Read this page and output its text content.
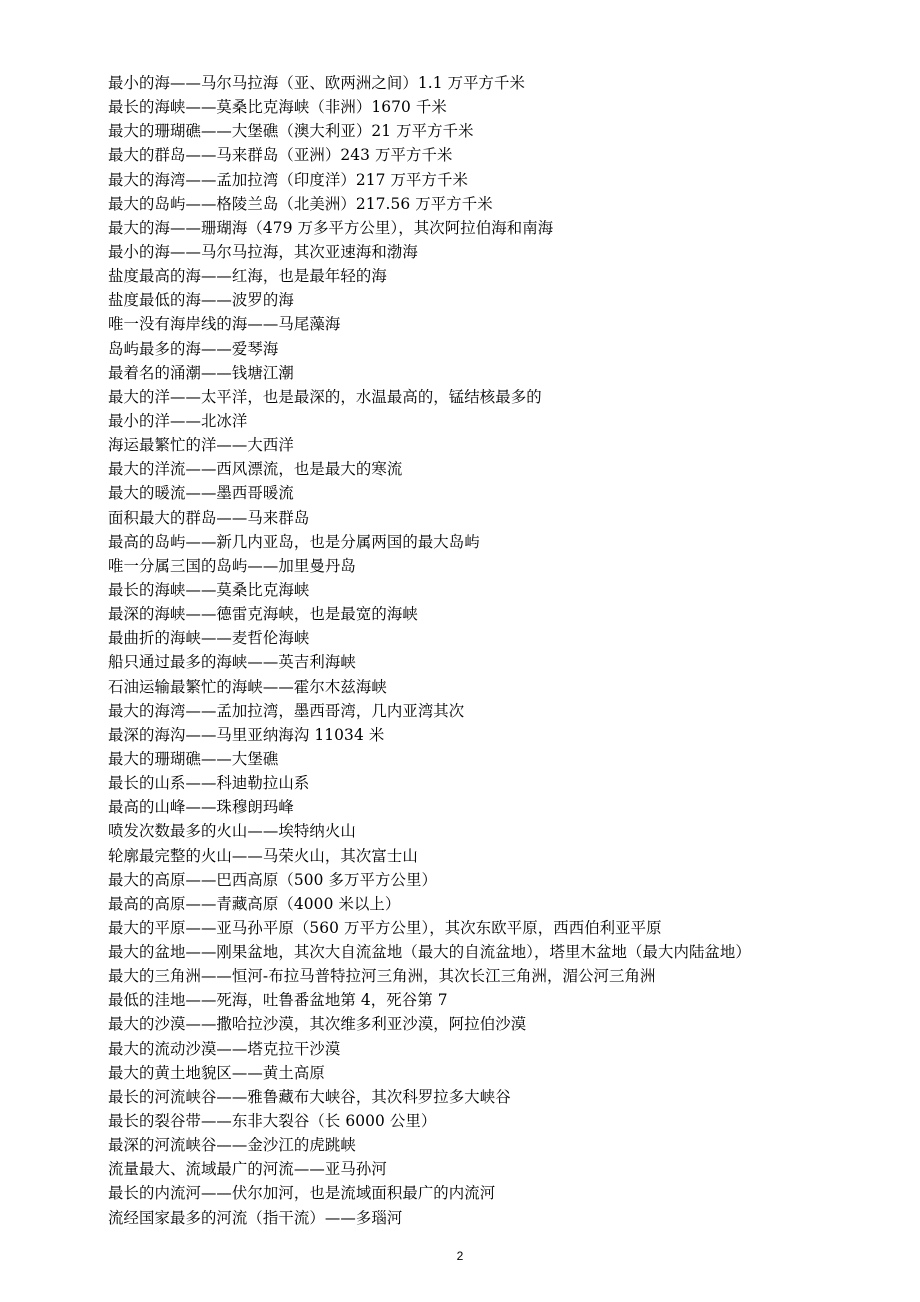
最小的海——马尔马拉海（亚、欧两洲之间）1.1 万平方千米
最长的海峡——莫桑比克海峡（非洲）1670 千米
最大的珊瑚礁——大堡礁（澳大利亚）21 万平方千米
最大的群岛——马来群岛（亚洲）243 万平方千米
最大的海湾——孟加拉湾（印度洋）217 万平方千米
最大的岛屿——格陵兰岛（北美洲）217.56 万平方千米
最大的海——珊瑚海（479 万多平方公里），其次阿拉伯海和南海
最小的海——马尔马拉海，其次亚速海和渤海
盐度最高的海——红海，也是最年轻的海
盐度最低的海——波罗的海
唯一没有海岸线的海——马尾藻海
岛屿最多的海——爱琴海
最着名的涌潮——钱塘江潮
最大的洋——太平洋，也是最深的，水温最高的，锰结核最多的
最小的洋——北冰洋
海运最繁忙的洋——大西洋
最大的洋流——西风漂流，也是最大的寒流
最大的暖流——墨西哥暖流
面积最大的群岛——马来群岛
最高的岛屿——新几内亚岛，也是分属两国的最大岛屿
唯一分属三国的岛屿——加里曼丹岛
最长的海峡——莫桑比克海峡
最深的海峡——德雷克海峡，也是最宽的海峡
最曲折的海峡——麦哲伦海峡
船只通过最多的海峡——英吉利海峡
石油运输最繁忙的海峡——霍尔木兹海峡
最大的海湾——孟加拉湾，墨西哥湾，几内亚湾其次
最深的海沟——马里亚纳海沟 11034 米
最大的珊瑚礁——大堡礁
最长的山系——科迪勒拉山系
最高的山峰——珠穆朗玛峰
喷发次数最多的火山——埃特纳火山
轮廓最完整的火山——马荣火山，其次富士山
最大的高原——巴西高原（500 多万平方公里）
最高的高原——青藏高原（4000 米以上）
最大的平原——亚马孙平原（560 万平方公里），其次东欧平原，西西伯利亚平原
最大的盆地——刚果盆地，其次大自流盆地（最大的自流盆地），塔里木盆地（最大内陆盆地）
最大的三角洲——恒河-布拉马普特拉河三角洲，其次长江三角洲，湄公河三角洲
最低的洼地——死海，吐鲁番盆地第 4，死谷第 7
最大的沙漠——撒哈拉沙漠，其次维多利亚沙漠，阿拉伯沙漠
最大的流动沙漠——塔克拉干沙漠
最大的黄土地貌区——黄土高原
最长的河流峡谷——雅鲁藏布大峡谷，其次科罗拉多大峡谷
最长的裂谷带——东非大裂谷（长 6000 公里）
最深的河流峡谷——金沙江的虎跳峡
流量最大、流域最广的河流——亚马孙河
最长的内流河——伏尔加河，也是流域面积最广的内流河
流经国家最多的河流（指干流）——多瑙河
2
